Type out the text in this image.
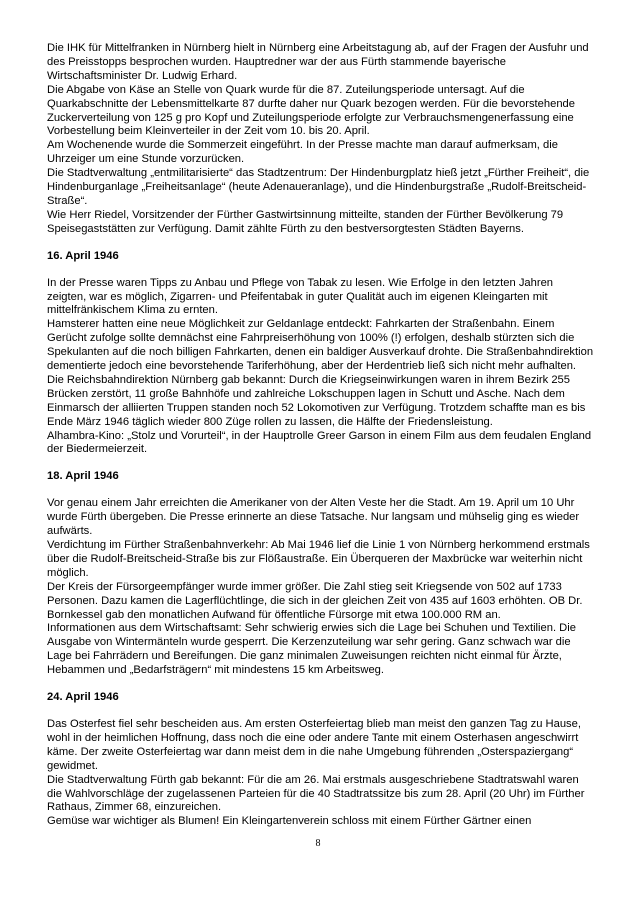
Die IHK für Mittelfranken in Nürnberg hielt in Nürnberg eine Arbeitstagung ab, auf der Fragen der Ausfuhr und des Preisstopps besprochen wurden. Hauptredner war der aus Fürth stammende bayerische Wirtschaftsminister Dr. Ludwig Erhard.

Die Abgabe von Käse an Stelle von Quark wurde für die 87. Zuteilungsperiode untersagt. Auf die Quarkabschnitte der Lebensmittelkarte 87 durfte daher nur Quark bezogen werden. Für die bevorstehende Zuckerverteilung von 125 g pro Kopf und Zuteilungsperiode erfolgte zur Verbrauchsmengenerfassung eine Vorbestellung beim Kleinverteiler in der Zeit vom 10. bis 20. April.

Am Wochenende wurde die Sommerzeit eingeführt. In der Presse machte man darauf aufmerksam, die Uhrzeiger um eine Stunde vorzurücken.

Die Stadtverwaltung „entmilitarisierte“ das Stadtzentrum: Der Hindenburgplatz hieß jetzt „Fürther Freiheit“, die Hindenburganlage „Freiheitsanlage“ (heute Adenaueranlage), und die Hindenburgstraße „Rudolf-Breitscheid-Straße“.

Wie Herr Riedel, Vorsitzender der Fürther Gastwirtsinnung mitteilte, standen der Fürther Bevölkerung 79 Speisegaststätten zur Verfügung. Damit zählte Fürth zu den bestversorgtesten Städten Bayerns.

16. April 1946

In der Presse waren Tipps zu Anbau und Pflege von Tabak zu lesen. Wie Erfolge in den letzten Jahren zeigten, war es möglich, Zigarren- und Pfeifentabak in guter Qualität auch im eigenen Kleingarten mit mittelfränkischem Klima zu ernten.

Hamsterer hatten eine neue Möglichkeit zur Geldanlage entdeckt: Fahrkarten der Straßenbahn. Einem Gerücht zufolge sollte demnächst eine Fahrpreiserhöhung von 100% (!) erfolgen, deshalb stürzten sich die Spekulanten auf die noch billigen Fahrkarten, denen ein baldiger Ausverkauf drohte. Die Straßenbahndirektion dementierte jedoch eine bevorstehende Tariferhöhung, aber der Herdentrieb ließ sich nicht mehr aufhalten.

Die Reichsbahndirektion Nürnberg gab bekannt: Durch die Kriegseinwirkungen waren in ihrem Bezirk 255 Brücken zerstört, 11 große Bahnhöfe und zahlreiche Lokschuppen lagen in Schutt und Asche. Nach dem Einmarsch der alliierten Truppen standen noch 52 Lokomotiven zur Verfügung. Trotzdem schaffte man es bis Ende März 1946 täglich wieder 800 Züge rollen zu lassen, die Hälfte der Friedensleistung.

Alhambra-Kino: „Stolz und Vorurteil“, in der Hauptrolle Greer Garson in einem Film aus dem feudalen England der Biedermeierzeit.

18. April 1946

Vor genau einem Jahr erreichten die Amerikaner von der Alten Veste her die Stadt. Am 19. April um 10 Uhr wurde Fürth übergeben. Die Presse erinnerte an diese Tatsache. Nur langsam und mühselig ging es wieder aufwärts.

Verdichtung im Fürther Straßenbahnverkehr: Ab Mai 1946 lief die Linie 1 von Nürnberg herkommend erstmals über die Rudolf-Breitscheid-Straße bis zur Flößaustraße. Ein Überqueren der Maxbrücke war weiterhin nicht möglich.

Der Kreis der Fürsorgeempfänger wurde immer größer. Die Zahl stieg seit Kriegsende von 502 auf 1733 Personen. Dazu kamen die Lagerflüchtlinge, die sich in der gleichen Zeit von 435 auf 1603 erhöhten. OB Dr. Bornkessel gab den monatlichen Aufwand für öffentliche Fürsorge mit etwa 100.000 RM an.

Informationen aus dem Wirtschaftsamt: Sehr schwierig erwies sich die Lage bei Schuhen und Textilien. Die Ausgabe von Wintermänteln wurde gesperrt. Die Kerzenzuteilung war sehr gering. Ganz schwach war die Lage bei Fahrrädern und Bereifungen. Die ganz minimalen Zuweisungen reichten nicht einmal für Ärzte, Hebammen und „Bedarfsträgern“ mit mindestens 15 km Arbeitsweg.

24. April 1946

Das Osterfest fiel sehr bescheiden aus. Am ersten Osterfeiertag blieb man meist den ganzen Tag zu Hause, wohl in der heimlichen Hoffnung, dass noch die eine oder andere Tante mit einem Osterhasen angeschwirrt käme. Der zweite Osterfeiertag war dann meist dem in die nahe Umgebung führenden „Osterspaziergang“ gewidmet.

Die Stadtverwaltung Fürth gab bekannt: Für die am 26. Mai erstmals ausgeschriebene Stadtratswahl waren die Wahlvorschläge der zugelassenen Parteien für die 40 Stadtratssitze bis zum 28. April (20 Uhr) im Fürther Rathaus, Zimmer 68, einzureichen.

Gemüse war wichtiger als Blumen! Ein Kleingartenverein schloss mit einem Fürther Gärtner einen

8
